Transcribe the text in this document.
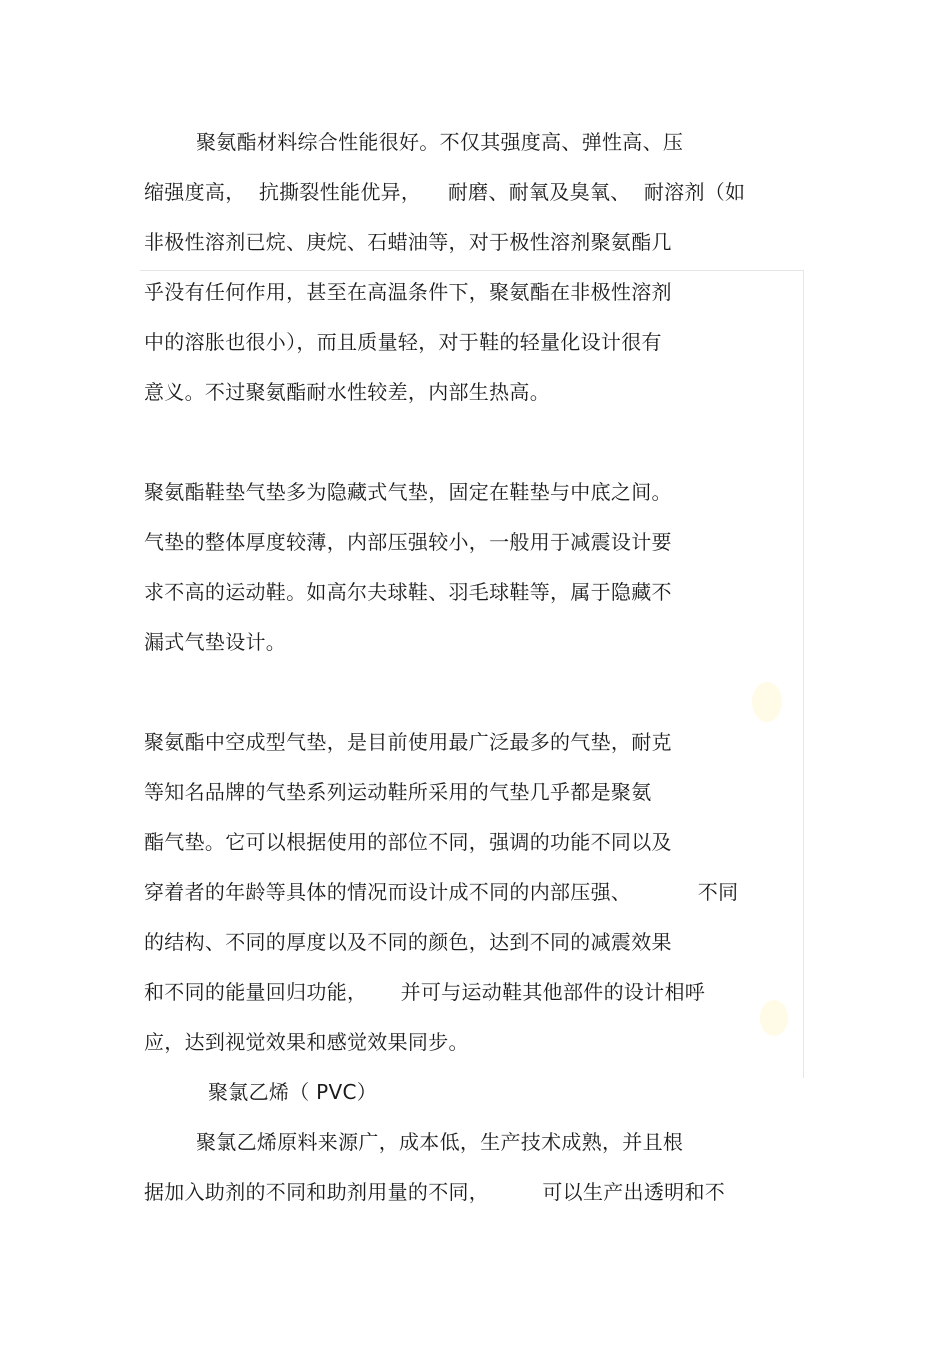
聚氨酯材料综合性能很好。不仅其强度高、弹性高、压
缩强度高，  抗撕裂性能优异，    耐磨、耐氧及臭氧、  耐溶剂（如
非极性溶剂已烷、庚烷、石蜡油等，对于极性溶剂聚氨酯几
乎没有任何作用，甚至在高温条件下，聚氨酯在非极性溶剂
中的溶胀也很小），而且质量轻，对于鞋的轻量化设计很有
意义。不过聚氨酯耐水性较差，内部生热高。
聚氨酯鞋垫气垫多为隐藏式气垫，固定在鞋垫与中底之间。
气垫的整体厚度较薄，内部压强较小，一般用于减震设计要
求不高的运动鞋。如高尔夫球鞋、羽毛球鞋等，属于隐藏不
漏式气垫设计。
聚氨酯中空成型气垫，是目前使用最广泛最多的气垫，耐克
等知名品牌的气垫系列运动鞋所采用的气垫几乎都是聚氨
酯气垫。它可以根据使用的部位不同，强调的功能不同以及
穿着者的年龄等具体的情况而设计成不同的内部压强、          不同
的结构、不同的厚度以及不同的颜色，达到不同的减震效果
和不同的能量回归功能，     并可与运动鞋其他部件的设计相呼
应，达到视觉效果和感觉效果同步。
聚氯乙烯（ PVC）
聚氯乙烯原料来源广，成本低，生产技术成熟，并且根
据加入助剂的不同和助剂用量的不同，        可以生产出透明和不
